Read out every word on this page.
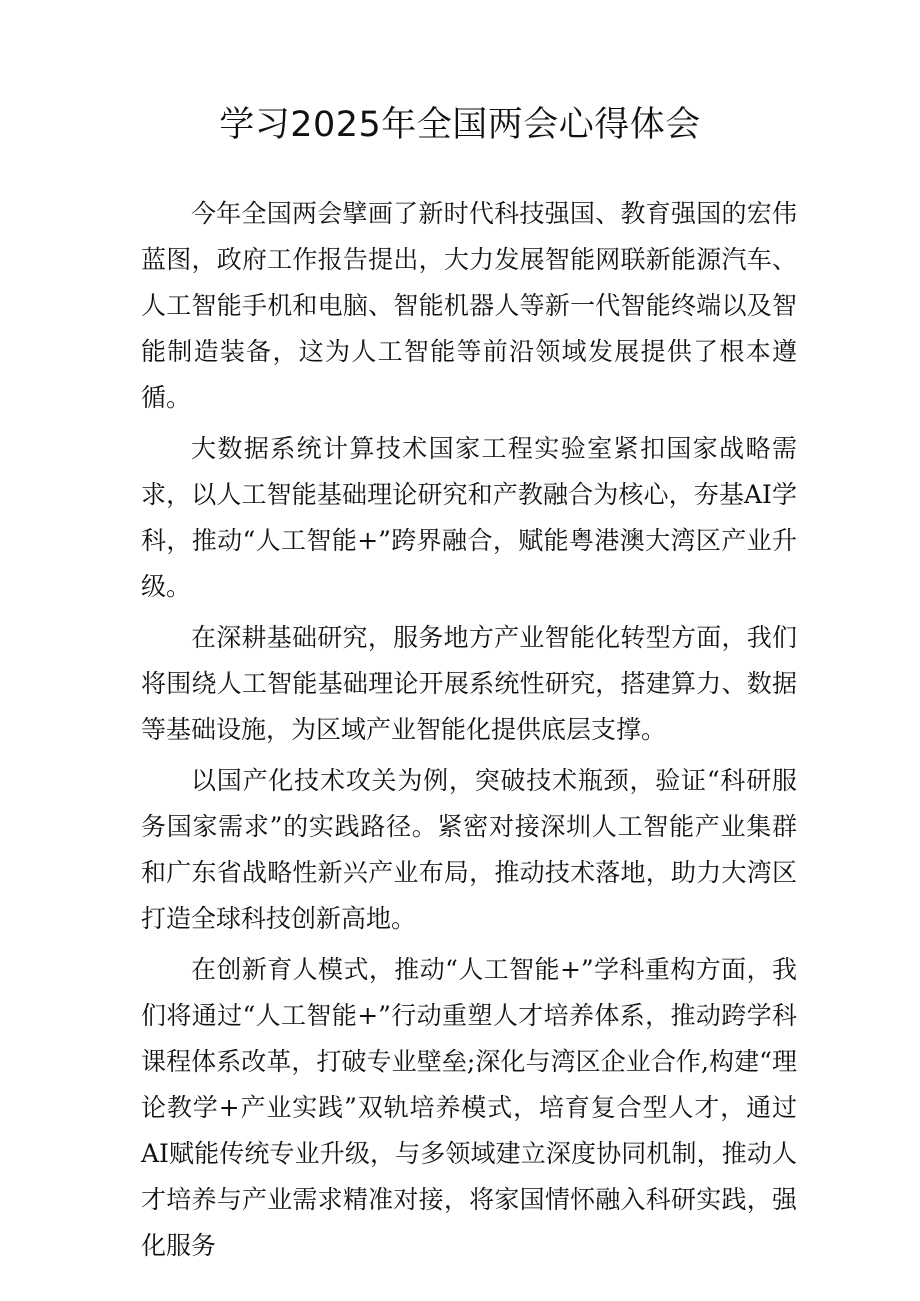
学习2025年全国两会心得体会

今年全国两会擘画了新时代科技强国、教育强国的宏伟蓝图，政府工作报告提出，大力发展智能网联新能源汽车、人工智能手机和电脑、智能机器人等新一代智能终端以及智能制造装备，这为人工智能等前沿领域发展提供了根本遵循。

大数据系统计算技术国家工程实验室紧扣国家战略需求，以人工智能基础理论研究和产教融合为核心，夯基AI学科，推动“人工智能+”跨界融合，赋能粤港澳大湾区产业升级。

在深耕基础研究，服务地方产业智能化转型方面，我们将围绕人工智能基础理论开展系统性研究，搭建算力、数据等基础设施，为区域产业智能化提供底层支撑。

以国产化技术攻关为例，突破技术瓶颈，验证“科研服务国家需求”的实践路径。紧密对接深圳人工智能产业集群和广东省战略性新兴产业布局，推动技术落地，助力大湾区打造全球科技创新高地。

在创新育人模式，推动“人工智能+”学科重构方面，我们将通过“人工智能+”行动重塑人才培养体系，推动跨学科课程体系改革，打破专业壁垒;深化与湾区企业合作,构建“理论教学+产业实践”双轨培养模式，培育复合型人才，通过AI赋能传统专业升级，与多领域建立深度协同机制，推动人才培养与产业需求精准对接，将家国情怀融入科研实践，强化服务
